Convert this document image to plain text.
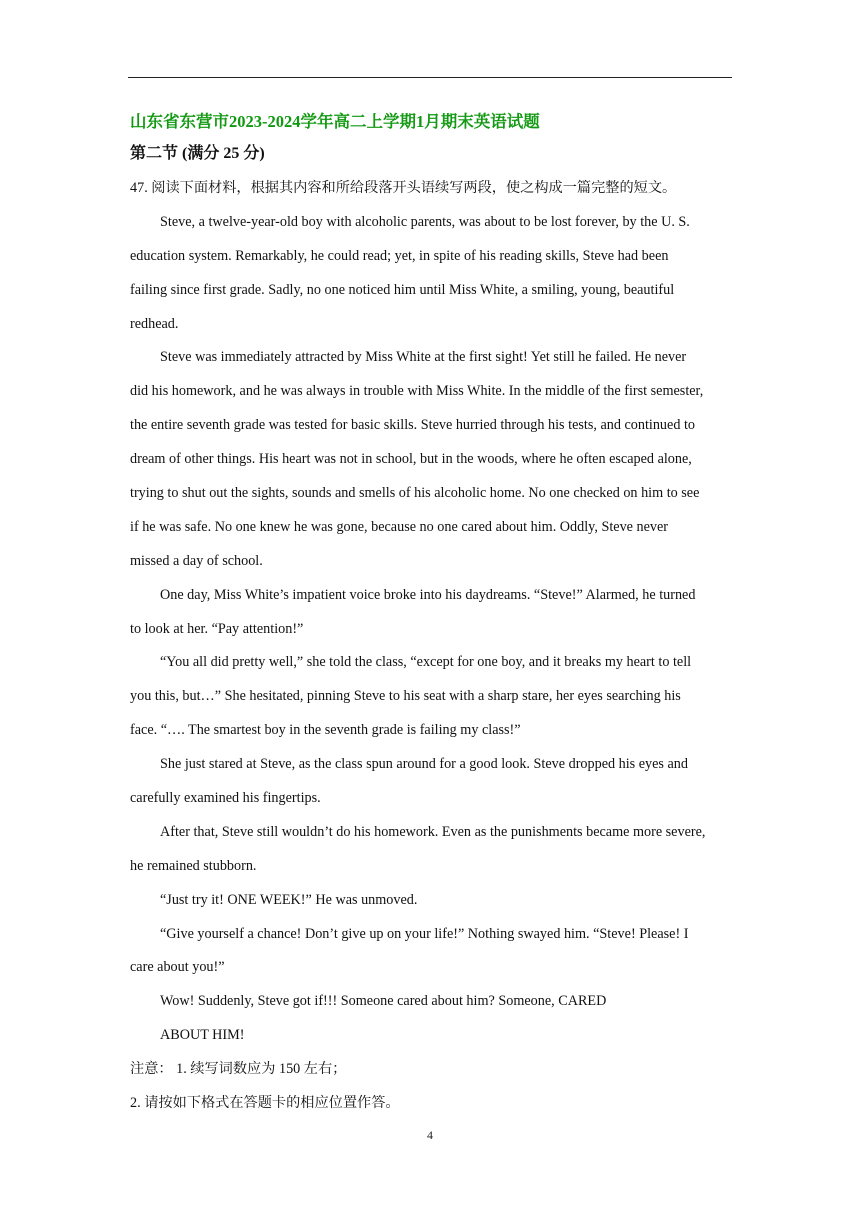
山东省东营市2023-2024学年高二上学期1月期末英语试题
第二节 (满分 25 分)
47. 阅读下面材料，根据其内容和所给段落开头语续写两段，使之构成一篇完整的短文。
Steve, a twelve-year-old boy with alcoholic parents, was about to be lost forever, by the U. S.
education system. Remarkably, he could read; yet, in spite of his reading skills, Steve had been
failing since first grade. Sadly, no one noticed him until Miss White, a smiling, young, beautiful
redhead.
Steve was immediately attracted by Miss White at the first sight! Yet still he failed. He never
did his homework, and he was always in trouble with Miss White. In the middle of the first semester,
the entire seventh grade was tested for basic skills. Steve hurried through his tests, and continued to
dream of other things. His heart was not in school, but in the woods, where he often escaped alone,
trying to shut out the sights, sounds and smells of his alcoholic home. No one checked on him to see
if he was safe. No one knew he was gone, because no one cared about him. Oddly, Steve never
missed a day of school.
One day, Miss White’s impatient voice broke into his daydreams. “Steve!” Alarmed, he turned
to look at her. “Pay attention!”
“You all did pretty well,” she told the class, “except for one boy, and it breaks my heart to tell
you this, but…” She hesitated, pinning Steve to his seat with a sharp stare, her eyes searching his
face. “…. The smartest boy in the seventh grade is failing my class!”
She just stared at Steve, as the class spun around for a good look. Steve dropped his eyes and
carefully examined his fingertips.
After that, Steve still wouldn’t do his homework. Even as the punishments became more severe,
he remained stubborn.
“Just try it! ONE WEEK!” He was unmoved.
“Give yourself a chance! Don’t give up on your life!” Nothing swayed him. “Steve! Please! I
care about you!”
Wow! Suddenly, Steve got if!!! Someone cared about him? Someone, CARED
ABOUT HIM!
注意： 1. 续写词数应为 150 左右；
2. 请按如下格式在答题卡的相应位置作答。
4
